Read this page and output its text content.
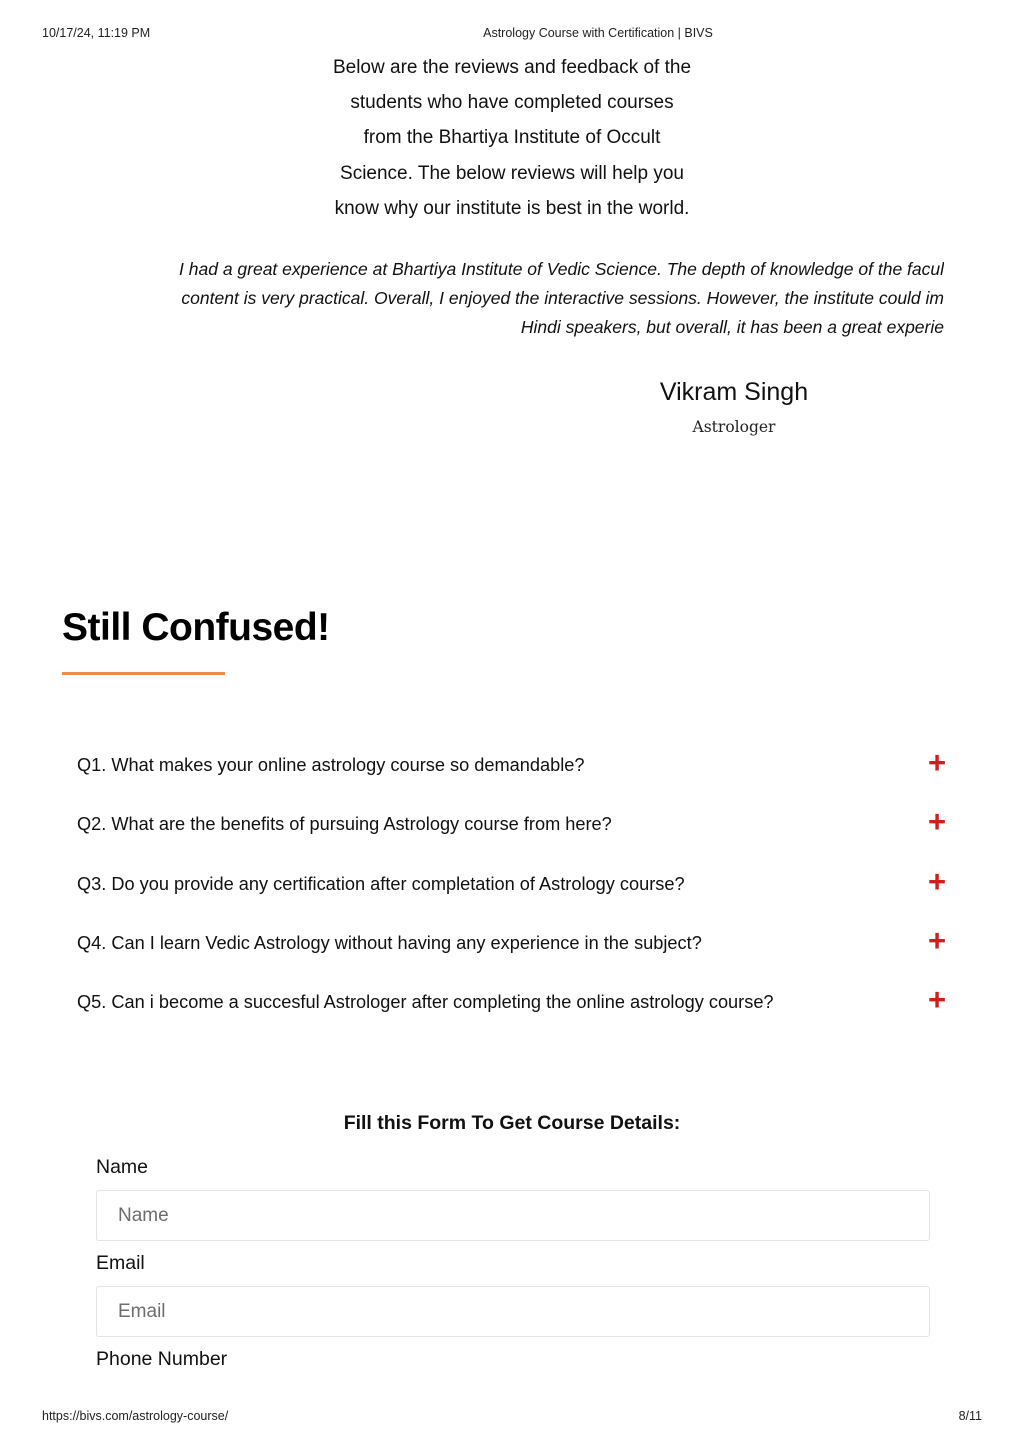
10/17/24, 11:19 PM	Astrology Course with Certification | BIVS
Below are the reviews and feedback of the
students who have completed courses
from the Bhartiya Institute of Occult
Science. The below reviews will help you
know why our institute is best in the world.
I had a great experience at Bhartiya Institute of Vedic Science. The depth of knowledge of the facul
content is very practical. Overall, I enjoyed the interactive sessions. However, the institute could im
Hindi speakers, but overall, it has been a great experie
Vikram Singh
Astrologer
Still Confused!
Q1. What makes your online astrology course so demandable?	+
Q2. What are the benefits of pursuing Astrology course from here?	+
Q3. Do you provide any certification after completation of Astrology course?	+
Q4. Can I learn Vedic Astrology without having any experience in the subject?	+
Q5. Can i become a succesful Astrologer after completing the online astrology course?	+
Fill this Form To Get Course Details:
Name
Name
Email
Email
Phone Number
https://bivs.com/astrology-course/	8/11
